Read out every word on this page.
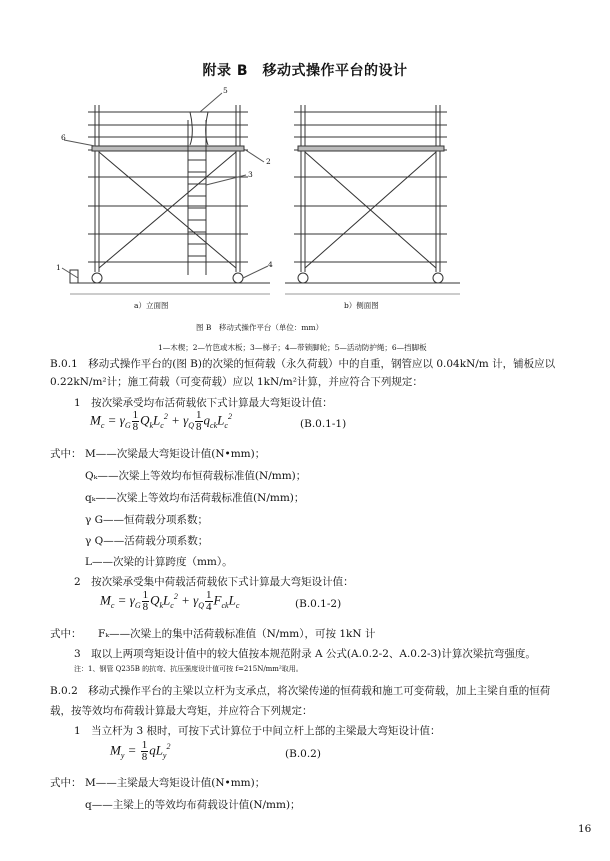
附录 B　移动式操作平台的设计
6
5
2
3
1	4
a）立面图	b）侧面图
图 B　移动式操作平台（单位：mm）
1—木楔；2—竹笆或木板；3—梯子；4—带锁脚轮；5—活动防护绳；6—挡脚板
B.0.1　移动式操作平台的(图 B)的次梁的恒荷载（永久荷载）中的自重，钢管应以 0.04kN/m 计，铺板应以
0.22kN/m²计；施工荷载（可变荷载）应以 1kN/m²计算，并应符合下列规定：
1　按次梁承受均布活荷载依下式计算最大弯矩设计值：
$M_c = \gamma_G \frac{1}{8} Q_kL_c^2 + \gamma_Q \frac{1}{8} q_{ck}L_c^2$
(B.0.1-1)
式中： M——次梁最大弯矩设计值(N•mm)；
Qₖ——次梁上等效均布恒荷载标准值(N/mm)；
qₖ——次梁上等效均布活荷载标准值(N/mm)；
γ G——恒荷载分项系数；
γ Q——活荷载分项系数；
L——次梁的计算跨度（mm）。
2　按次梁承受集中荷载活荷载依下式计算最大弯矩设计值：
$M_c = \gamma_G \frac{1}{8} Q_kL_c^2 + \gamma_Q \frac{1}{4} F_{ck}L_c$	(B.0.1-2)
式中： Fₖ——次梁上的集中活荷载标准值（N/mm），可按 1kN 计
3　取以上两项弯矩设计值中的较大值按本规范附录 A 公式(A.0.2-2、A.0.2-3)计算次梁抗弯强度。
注：1、钢管 Q235B 的抗弯、抗压强度设计值可按 f=215N/mm²取用。
B.0.2　移动式操作平台的主梁以立杆为支承点，将次梁传递的恒荷载和施工可变荷载，加上主梁自重的恒荷
载，按等效均布荷载计算最大弯矩，并应符合下列规定：
1　当立杆为 3 根时，可按下式计算位于中间立杆上部的主梁最大弯矩设计值：
$M_y = \frac{1}{8} qL_y^2$
(B.0.2)
式中： M——主梁最大弯矩设计值(N•mm)；
q——主梁上的等效均布荷载设计值(N/mm)；
16
